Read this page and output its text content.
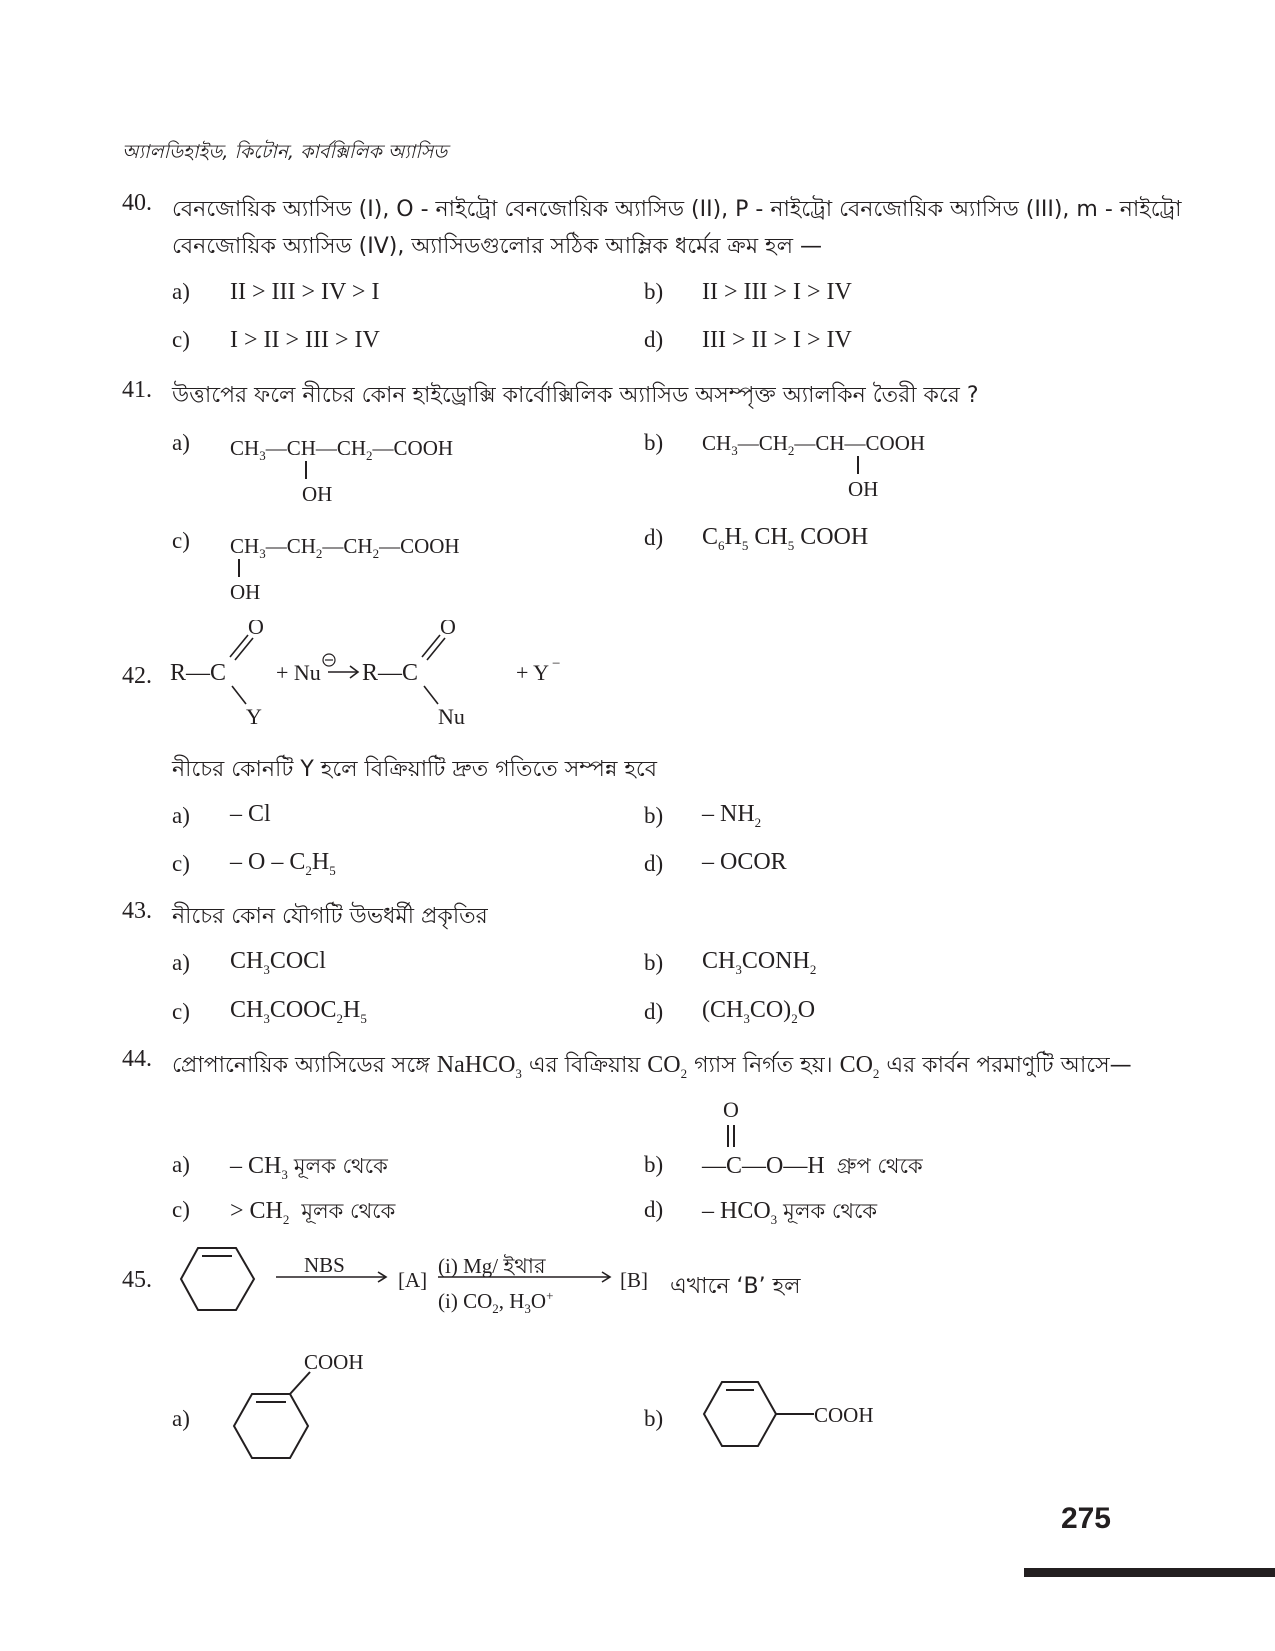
অ্যালডিহাইড, কিটোন, কার্বক্সিলিক অ্যাসিড
40. বেনজোয়িক অ্যাসিড (I), O - নাইট্রো বেনজোয়িক অ্যাসিড (II), P - নাইট্রো বেনজোয়িক অ্যাসিড (III), m - নাইট্রো
বেনজোয়িক অ্যাসিড (IV), অ্যাসিডগুলোর সঠিক আম্লিক ধর্মের ক্রম হল —
a) II > III > IV > I	b) II > III > I > IV
c) I > II > III > IV	d) III > II > I > IV
41. উত্তাপের ফলে নীচের কোন হাইড্রোক্সি কার্বোক্সিলিক অ্যাসিড অসম্পৃক্ত অ্যালকিন তৈরী করে ?
a) $CH_3—CH—CH_2—COOH$
OH
b) $CH_3—CH_2—CH—COOH$
OH
c) $CH_3—CH_2—CH_2—COOH$
OH
d) $C_6H_5$ $CH_5$ COOH
42. R—C
O
Y
+ Nu R—C
O
Nu
+ Y −
নীচের কোনটি Y হলে বিক্রিয়াটি দ্রুত গতিতে সম্পন্ন হবে
a) – Cl	$b) - NH_2$
c) – O – $C_2H_5$	d) – OCOR
43. নীচের কোন যৌগটি উভধর্মী প্রকৃতির
a) $CH_3COCl$	b) $CH_3CONH_2$
c) $CH_3COOC_2H_5$	d) $(CH_3CO)_2O$
44. প্রোপানোয়িক অ্যাসিডের সঙ্গে NaHCO$_3$ এর বিক্রিয়ায় $CO_2$ গ্যাস নির্গত হয়। $CO_2$ এর কার্বন পরমাণুটি আসে—
O
$a) - CH_3$ মূলক থেকে	b) —C—O—H  গ্রুপ থেকে
$c) > CH_2$ মূলক থেকে	$d) - HCO_3$ মূলক থেকে
45.
NBS
[A]
(i) Mg/ ইথার
(i) $CO_2$, $H_3O^+$
[B] এখানে ‘B’ হল
a)
COOH
b)	COOH
275
